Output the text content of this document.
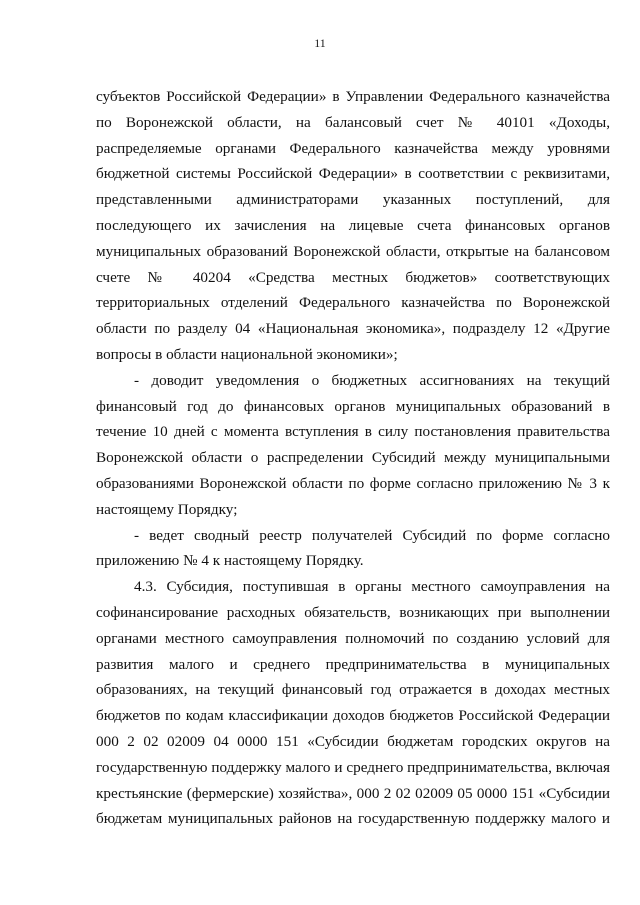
11
субъектов Российской Федерации» в Управлении Федерального казначейства
по Воронежской области, на балансовый счет № 40101 «Доходы,
распределяемые органами Федерального казначейства между уровнями
бюджетной системы Российской Федерации» в соответствии с реквизитами,
представленными администраторами указанных поступлений, для
последующего их зачисления на лицевые счета финансовых органов
муниципальных образований Воронежской области, открытые на балансовом
счете № 40204 «Средства местных бюджетов» соответствующих
территориальных отделений Федерального казначейства по Воронежской
области по разделу 04 «Национальная экономика», подразделу 12 «Другие
вопросы в области национальной экономики»;
- доводит уведомления о бюджетных ассигнованиях на текущий
финансовый год до финансовых органов муниципальных образований в
течение 10 дней с момента вступления в силу постановления правительства
Воронежской области о распределении Субсидий между муниципальными
образованиями Воронежской области по форме согласно приложению № 3 к
настоящему Порядку;
- ведет сводный реестр получателей Субсидий по форме согласно
приложению № 4 к настоящему Порядку.
4.3. Субсидия, поступившая в органы местного самоуправления на
софинансирование расходных обязательств, возникающих при выполнении
органами местного самоуправления полномочий по созданию условий для
развития малого и среднего предпринимательства в муниципальных
образованиях, на текущий финансовый год отражается в доходах местных
бюджетов по кодам классификации доходов бюджетов Российской Федерации
000 2 02 02009 04 0000 151 «Субсидии бюджетам городских округов на
государственную поддержку малого и среднего предпринимательства, включая
крестьянские (фермерские) хозяйства», 000 2 02 02009 05 0000 151 «Субсидии
бюджетам муниципальных районов на государственную поддержку малого и
